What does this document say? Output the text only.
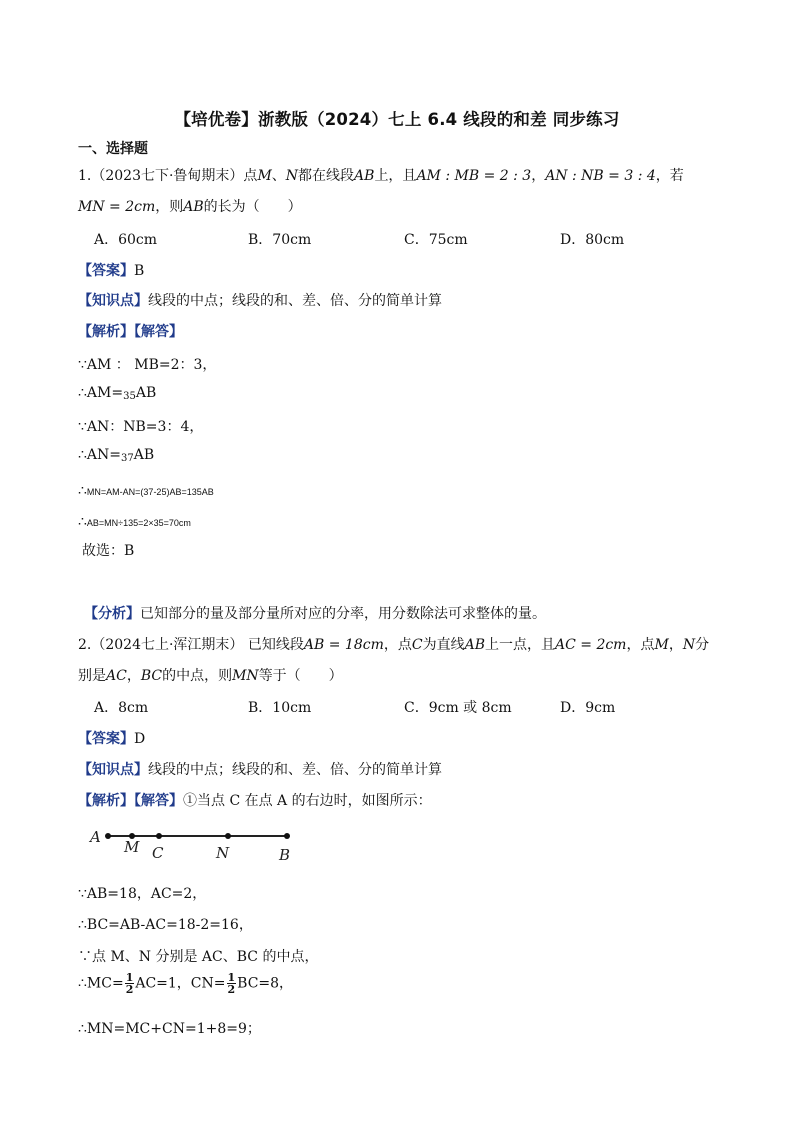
【培优卷】浙教版（2024）七上 6.4 线段的和差 同步练习
一、选择题
1.（2023七下·鲁甸期末）点M、N都在线段AB上，且AM : MB = 2 : 3，AN : NB = 3 : 4，若
MN = 2cm，则AB的长为（　　）
A．60cm	B．70cm	C．75cm	D．80cm
【答案】B
【知识点】线段的中点；线段的和、差、倍、分的简单计算
【解析】【解答】
∵AM ： MB=2：3，
$\therefore AM=_{35}AB$
∵AN：NB=3：4，
$\therefore AN=_{37}AB$
∴MN=AM-AN=(37-25)AB=135AB
∴AB=MN÷135=2×35=70cm
故选：B
【分析】已知部分的量及部分量所对应的分率，用分数除法可求整体的量。
2.（2024七上·浑江期末） 已知线段AB = 18cm，点C为直线AB上一点，且AC = 2cm，点M，N分
别是AC，BC的中点，则MN等于（　　）
A．8cm	B．10cm	C．9cm 或 8cm	D．9cm
【答案】D
【知识点】线段的中点；线段的和、差、倍、分的简单计算
【解析】【解答】①当点 C 在点 A 的右边时，如图所示：
A
M C	N	B
∵AB=18，AC=2，
∴BC=AB-AC=18-2=16，
∵点 M、N 分别是 AC、BC 的中点，
∴MC= $\frac{1}{2} AC=1$，$CN= \frac{1}{2} BC=8$，
∴MN=MC+CN=1+8=9；
